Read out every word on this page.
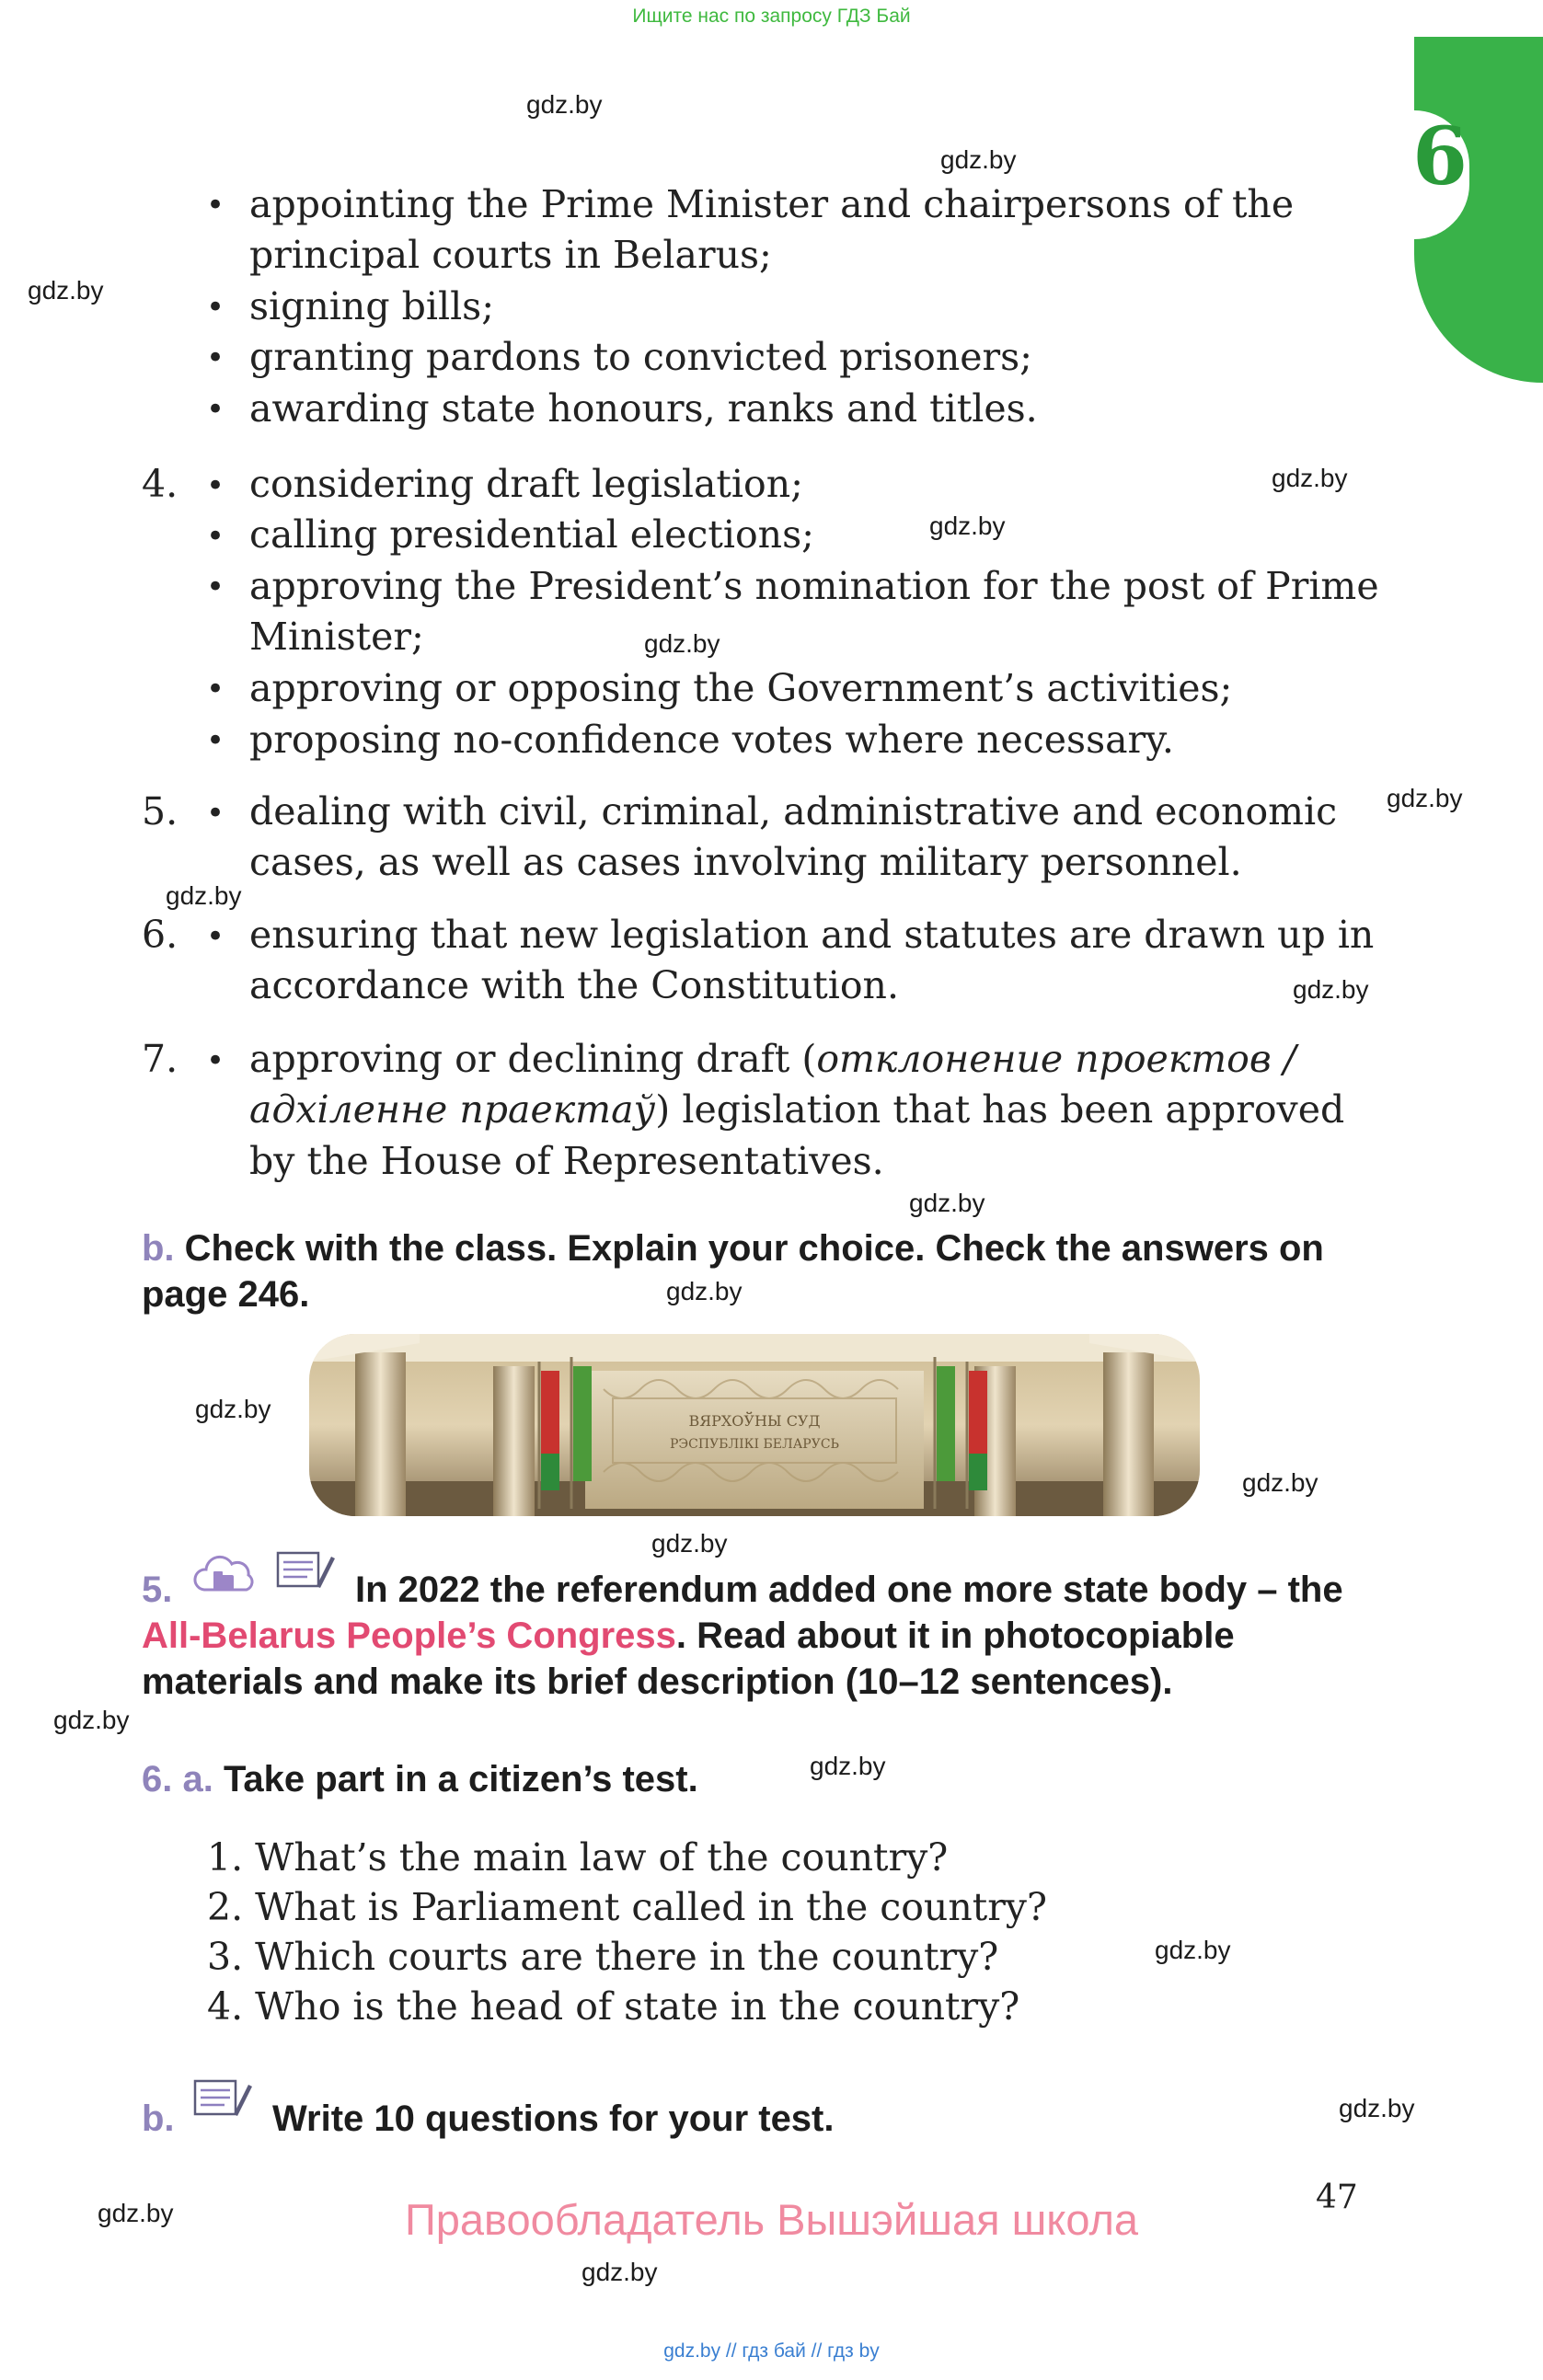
Ищите нас по запросу ГДЗ Бай
6
gdz.by
gdz.by
gdz.by
gdz.by
gdz.by
gdz.by
gdz.by
gdz.by
gdz.by
gdz.by
gdz.by
gdz.by
gdz.by
gdz.by
gdz.by
gdz.by
gdz.by
gdz.by
gdz.by
gdz.by
• appointing the Prime Minister and chairpersons of the
principal courts in Belarus;
• signing bills;
• granting pardons to convicted prisoners;
• awarding state honours, ranks and titles.
4. • considering draft legislation;
• calling presidential elections;
• approving the President’s nomination for the post of Prime
Minister;
• approving or opposing the Government’s activities;
• proposing no-confidence votes where necessary.
5. • dealing with civil, criminal, administrative and economic
cases, as well as cases involving military personnel.
6. • ensuring that new legislation and statutes are drawn up in
accordance with the Constitution.
7. • approving or declining draft (отклонение проектов /
адхіленне праектаў) legislation that has been approved
by the House of Representatives.
b. Check with the class. Explain your choice. Check the answers on
page 246.
ВЯРХОЎНЫ СУД
РЭСПУБЛІКІ БЕЛАРУСЬ
5.	In 2022 the referendum added one more state body – the
All-Belarus People’s Congress. Read about it in photocopiable
materials and make its brief description (10–12 sentences).
6. a. Take part in a citizen’s test.
1. What’s the main law of the country?
2. What is Parliament called in the country?
3. Which courts are there in the country?
4. Who is the head of state in the country?
b.	Write 10 questions for your test.
47
Правообладатель Вышэйшая школа
gdz.by // гдз бай // гдз by
